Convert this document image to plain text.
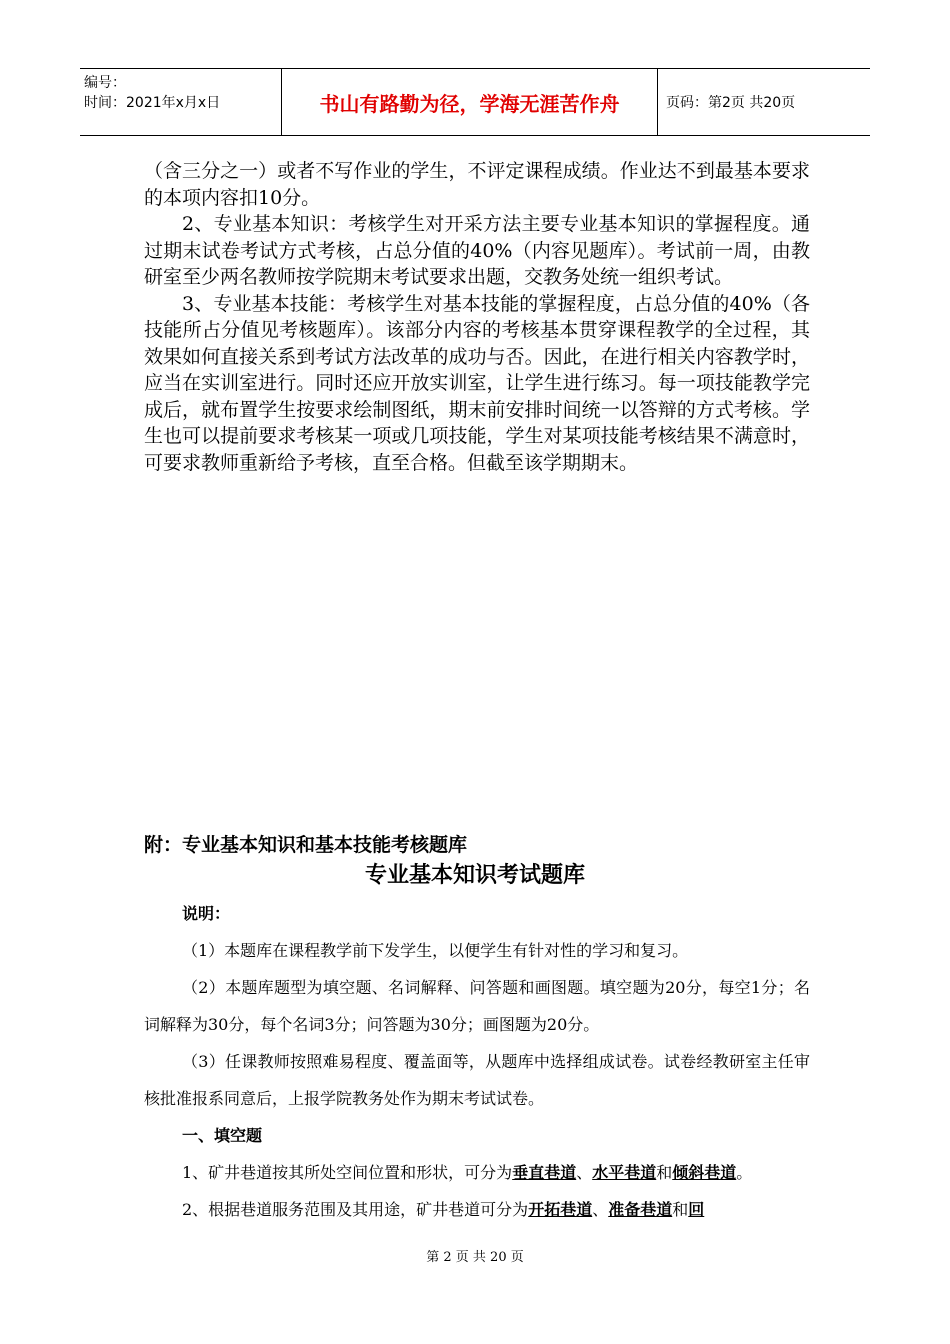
编号：
时间：2021年x月x日	书山有路勤为径，学海无涯苦作舟	页码：第2页 共20页

（含三分之一）或者不写作业的学生，不评定课程成绩。作业达不到最基本要求的本项内容扣10分。

2、专业基本知识：考核学生对开采方法主要专业基本知识的掌握程度。通过期末试卷考试方式考核，占总分值的40%（内容见题库）。考试前一周，由教研室至少两名教师按学院期末考试要求出题，交教务处统一组织考试。

3、专业基本技能：考核学生对基本技能的掌握程度，占总分值的40%（各技能所占分值见考核题库）。该部分内容的考核基本贯穿课程教学的全过程，其效果如何直接关系到考试方法改革的成功与否。因此，在进行相关内容教学时，应当在实训室进行。同时还应开放实训室，让学生进行练习。每一项技能教学完成后，就布置学生按要求绘制图纸，期末前安排时间统一以答辩的方式考核。学生也可以提前要求考核某一项或几项技能，学生对某项技能考核结果不满意时，可要求教师重新给予考核，直至合格。但截至该学期期末。

附：专业基本知识和基本技能考核题库
专业基本知识考试题库

说明：

（1）本题库在课程教学前下发学生，以便学生有针对性的学习和复习。

（2）本题库题型为填空题、名词解释、问答题和画图题。填空题为20分，每空1分；名词解释为30分，每个名词3分；问答题为30分；画图题为20分。

（3）任课教师按照难易程度、覆盖面等，从题库中选择组成试卷。试卷经教研室主任审核批准报系同意后，上报学院教务处作为期末考试试卷。

一、填空题

1、矿井巷道按其所处空间位置和形状，可分为垂直巷道、水平巷道和倾斜巷道。

2、根据巷道服务范围及其用途，矿井巷道可分为开拓巷道、准备巷道和回

第 2 页 共 20 页
